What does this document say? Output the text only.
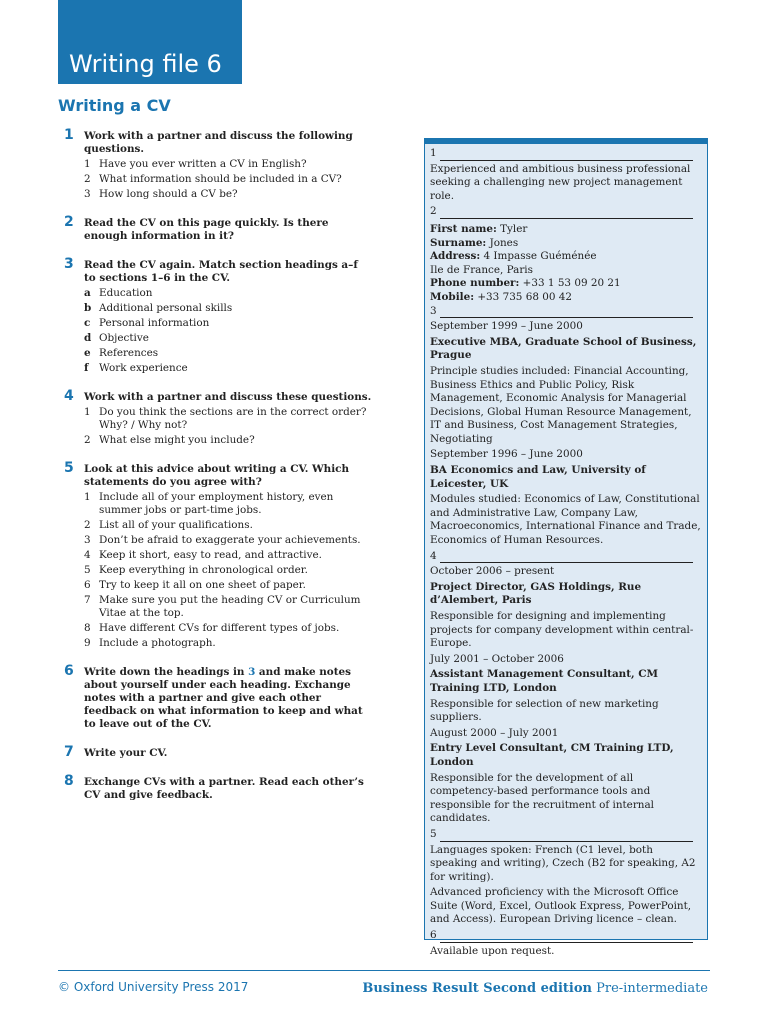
Writing file 6
Writing a CV
1 Work with a partner and discuss the following questions.
1 Have you ever written a CV in English?
2 What information should be included in a CV?
3 How long should a CV be?
2 Read the CV on this page quickly. Is there enough information in it?
3 Read the CV again. Match section headings a–f to sections 1–6 in the CV.
a Education
b Additional personal skills
c Personal information
d Objective
e References
f	Work experience
4 Work with a partner and discuss these questions.
1 Do you think the sections are in the correct order? Why? / Why not?
2 What else might you include?
5 Look at this advice about writing a CV. Which statements do you agree with?
1 Include all of your employment history, even summer jobs or part-time jobs.
2 List all of your qualifications.
3 Don’t be afraid to exaggerate your achievements.
4 Keep it short, easy to read, and attractive.
5 Keep everything in chronological order.
6 Try to keep it all on one sheet of paper.
7 Make sure you put the heading CV or Curriculum Vitae at the top.
8 Have different CVs for different types of jobs.
9 Include a photograph.
6 Write down the headings in 3 and make notes about yourself under each heading. Exchange notes with a partner and give each other feedback on what information to keep and what to leave out of the CV.
7 Write your CV.
8 Exchange CVs with a partner. Read each other’s CV and give feedback.
1
Experienced and ambitious business professional seeking a challenging new project management role.
2
First name: Tyler
Surname: Jones
Address: 4 Impasse Guéménée
Ile de France, Paris
Phone number: +33 1 53 09 20 21
Mobile: +33 735 68 00 42
3
September 1999 – June 2000
Executive MBA, Graduate School of Business, Prague
Principle studies included: Financial Accounting, Business Ethics and Public Policy, Risk Management, Economic Analysis for Managerial Decisions, Global Human Resource Management, IT and Business, Cost Management Strategies, Negotiating
September 1996 – June 2000
BA Economics and Law, University of Leicester, UK
Modules studied: Economics of Law, Constitutional and Administrative Law, Company Law, Macroeconomics, International Finance and Trade, Economics of Human Resources.
4
October 2006 – present
Project Director, GAS Holdings, Rue d’Alembert, Paris
Responsible for designing and implementing projects for company development within central-Europe.
July 2001 – October 2006
Assistant Management Consultant, CM Training LTD, London
Responsible for selection of new marketing suppliers.
August 2000 – July 2001
Entry Level Consultant, CM Training LTD, London
Responsible for the development of all competency-based performance tools and responsible for the recruitment of internal candidates.
5
Languages spoken: French (C1 level, both speaking and writing), Czech (B2 for speaking, A2 for writing).
Advanced proficiency with the Microsoft Office Suite (Word, Excel, Outlook Express, PowerPoint, and Access). European Driving licence – clean.
6
Available upon request.
© Oxford University Press 2017	Business Result Second edition Pre-intermediate
